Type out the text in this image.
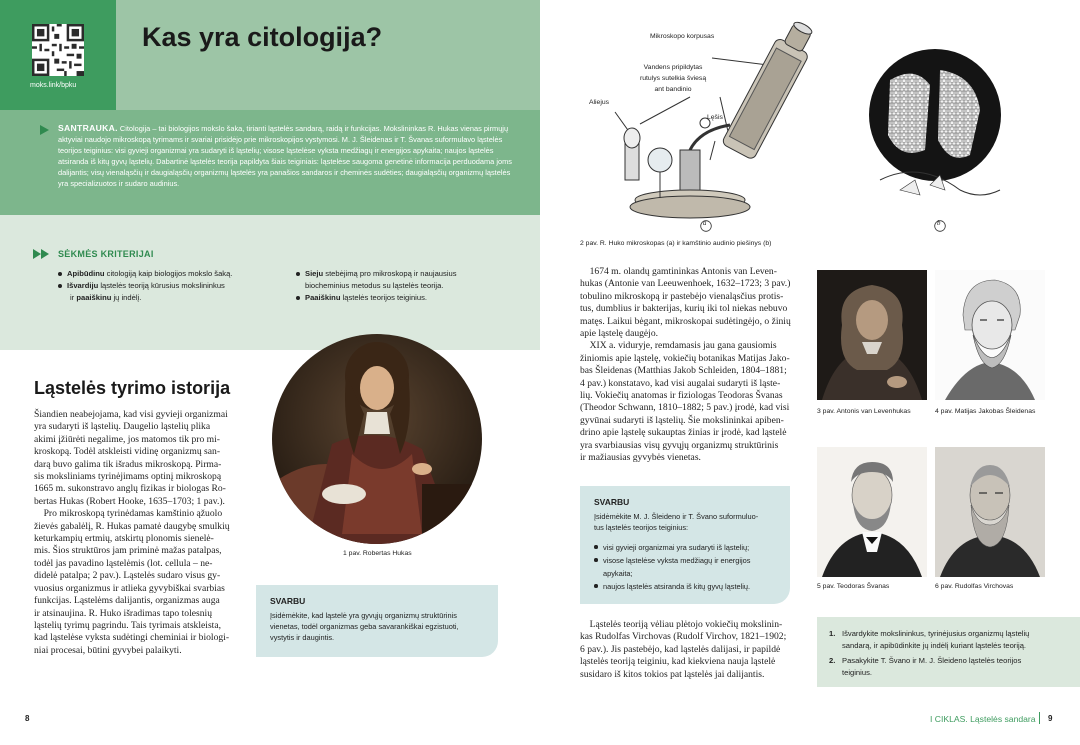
moks.link/bpku
Kas yra citologija?
SANTRAUKA. Citologija – tai biologijos mokslo šaka, tirianti ląstelės sandarą, raidą ir funkcijas. Mokslininkas R. Hukas vienas pirmųjų aktyviai naudojo mikroskopą tyrimams ir svariai prisidėjo prie mikroskopijos vystymosi. M. J. Šleidenas ir T. Švanas suformulavo ląstelės teorijos teiginius: visi gyvieji organizmai yra sudaryti iš ląstelių; visose ląstelėse vyksta medžiagų ir energijos apykaita; naujos ląstelės atsiranda iš kitų gyvų ląstelių. Dabartinė ląstelės teorija papildyta šiais teiginiais: ląstelėse saugoma genetinė informacija perduodama joms dalijantis; visų vienaląsčių ir daugialąsčių organizmų ląstelės yra panašios sandaros ir cheminės sudėties; daugialąsčių organizmų ląstelės yra specializuotos ir sudaro audinius.
SĖKMĖS KRITERIJAI
Apibūdinu citologiją kaip biologijos mokslo šaką.
Išvardiju ląstelės teoriją kūrusius mokslininkus
ir paaiškinu jų indėlį.
Sieju stebėjimą pro mikroskopą ir naujausius
biocheminius metodus su ląstelės teorija.
Paaiškinu ląstelės teorijos teiginius.
Ląstelės tyrimo istorija
Šiandien neabejojama, kad visi gyvieji organizmai
yra sudaryti iš ląstelių. Daugelio ląstelių plika
akimi įžiūrėti negalime, jos matomos tik pro mi-
kroskopą. Todėl atskleisti vidinę organizmų san-
darą buvo galima tik išradus mikroskopą. Pirma-
sis moksliniams tyrinėjimams optinį mikroskopą
1665 m. sukonstravo anglų fizikas ir biologas Ro-
bertas Hukas (Robert Hooke, 1635–1703; 1 pav.).
Pro mikroskopą tyrinėdamas kamštinio ąžuolo
žievės gabalėlį, R. Hukas pamatė daugybę smulkių
keturkampių ertmių, atskirtų plonomis sienelė-
mis. Šios struktūros jam priminė mažas patalpas,
todėl jas pavadino ląstelėmis (lot. cellula – ne-
didelė patalpa; 2 pav.). Ląstelės sudaro visus gy-
vuosius organizmus ir atlieka gyvybiškai svarbias
funkcijas. Ląstelėms dalijantis, organizmas auga
ir atsinaujina. R. Huko išradimas tapo tolesnių
ląstelių tyrimų pagrindu. Tais tyrimais atskleista,
kad ląstelėse vyksta sudėtingi cheminiai ir biologi-
niai procesai, būtini gyvybei palaikyti.
1 pav. Robertas Hukas
SVARBU
Įsidėmėkite, kad ląstelė yra gyvųjų organizmų struktūrinis
vienetas, todėl organizmas geba savarankiškai egzistuoti,
vystytis ir daugintis.
8
Mikroskopo korpusas
Vandens pripildytas
rutulys sutelkia šviesą
ant bandinio
Aliejus
Lęšis
a	b
2 pav. R. Huko mikroskopas (a) ir kamštinio audinio piešinys (b)
1674 m. olandų gamtininkas Antonis van Leven-
hukas (Antonie van Leeuwenhoek, 1632–1723; 3 pav.)
tobulino mikroskopą ir pastebėjo vienaląsčius protis-
tus, dumblius ir bakterijas, kurių iki tol niekas nebuvo
matęs. Laikui bėgant, mikroskopai sudėtingėjo, o žinių
apie ląstelę daugėjo.
XIX a. viduryje, remdamasis jau gana gausiomis
žiniomis apie ląstelę, vokiečių botanikas Matijas Jako-
bas Šleidenas (Matthias Jakob Schleiden, 1804–1881;
4 pav.) konstatavo, kad visi augalai sudaryti iš ląste-
lių. Vokiečių anatomas ir fiziologas Teodoras Švanas
(Theodor Schwann, 1810–1882; 5 pav.) įrodė, kad visi
gyvūnai sudaryti iš ląstelių. Šie mokslininkai apiben-
drino apie ląstelę sukauptas žinias ir įrodė, kad ląstelė
yra svarbiausias visų gyvųjų organizmų struktūrinis
ir mažiausias gyvybės vienetas.
SVARBU
Įsidėmėkite M. J. Šleideno ir T. Švano suformuluo-
tus ląstelės teorijos teiginius:
visi gyvieji organizmai yra sudaryti iš ląstelių;
visose ląstelėse vyksta medžiagų ir energijos
apykaita;
naujos ląstelės atsiranda iš kitų gyvų ląstelių.
Ląstelės teoriją vėliau plėtojo vokiečių mokslinin-
kas Rudolfas Virchovas (Rudolf Virchov, 1821–1902;
6 pav.). Jis pastebėjo, kad ląstelės dalijasi, ir papildė
ląstelės teoriją teiginiu, kad kiekviena nauja ląstelė
susidaro iš kitos tokios pat ląstelės jai dalijantis.
3 pav. Antonis van Levenhukas	4 pav. Matijas Jakobas Šleidenas
5 pav. Teodoras Švanas	6 pav. Rudolfas Virchovas
1. Išvardykite mokslininkus, tyrinėjusius organizmų ląstelių
sandarą, ir apibūdinkite jų indėlį kuriant ląstelės teoriją.
2. Pasakykite T. Švano ir M. J. Šleideno ląstelės teorijos
teiginius.
I CIKLAS. Ląstelės sandara 9
